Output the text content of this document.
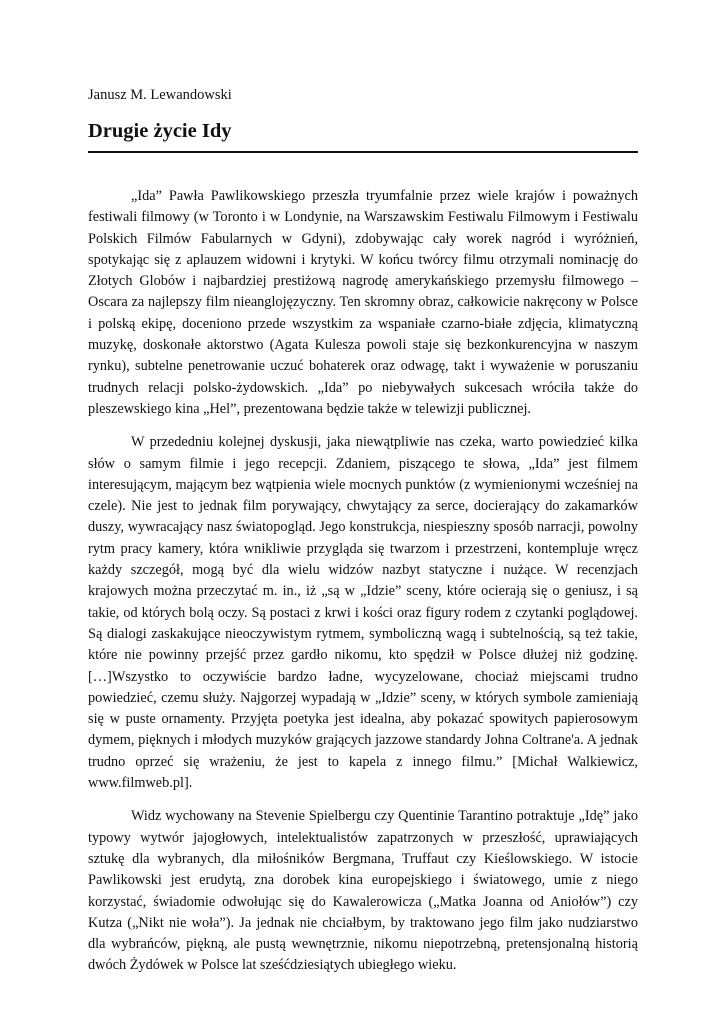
Janusz M. Lewandowski

Drugie życie Idy

„Ida” Pawła Pawlikowskiego przeszła tryumfalnie przez wiele krajów i poważnych festiwali filmowy (w Toronto i w Londynie, na Warszawskim Festiwalu Filmowym i Festiwalu Polskich Filmów Fabularnych w Gdyni), zdobywając cały worek nagród i wyróżnień, spotykając się z aplauzem widowni i krytyki. W końcu twórcy filmu otrzymali nominację do Złotych Globów i najbardziej prestiżową nagrodę amerykańskiego przemysłu filmowego – Oscara za najlepszy film nieanglojęzyczny. Ten skromny obraz, całkowicie nakręcony w Polsce i polską ekipę, doceniono przede wszystkim za wspaniałe czarno-białe zdjęcia, klimatyczną muzykę, doskonałe aktorstwo (Agata Kulesza powoli staje się bezkonkurencyjna w naszym rynku), subtelne penetrowanie uczuć bohaterek oraz odwagę, takt i wyważenie w poruszaniu trudnych relacji polsko-żydowskich. „Ida” po niebywałych sukcesach wróciła także do pleszewskiego kina „Hel”, prezentowana będzie także w telewizji publicznej.

W przededniu kolejnej dyskusji, jaka niewątpliwie nas czeka, warto powiedzieć kilka słów o samym filmie i jego recepcji. Zdaniem, piszącego te słowa, „Ida” jest filmem interesującym, mającym bez wątpienia wiele mocnych punktów (z wymienionymi wcześniej na czele). Nie jest to jednak film porywający, chwytający za serce, docierający do zakamarków duszy, wywracający nasz światopogląd. Jego konstrukcja, niespieszny sposób narracji, powolny rytm pracy kamery, która wnikliwie przygląda się twarzom i przestrzeni, kontempluje wręcz każdy szczegół, mogą być dla wielu widzów nazbyt statyczne i nużące. W recenzjach krajowych można przeczytać m. in., iż „są w „Idzie” sceny, które ocierają się o geniusz, i są takie, od których bolą oczy. Są postaci z krwi i kości oraz figury rodem z czytanki poglądowej. Są dialogi zaskakujące nieoczywistym rytmem, symboliczną wagą i subtelnością, są też takie, które nie powinny przejść przez gardło nikomu, kto spędził w Polsce dłużej niż godzinę. […]Wszystko to oczywiście bardzo ładne, wycyzelowane, chociaż miejscami trudno powiedzieć, czemu służy. Najgorzej wypadają w „Idzie” sceny, w których symbole zamieniają się w puste ornamenty. Przyjęta poetyka jest idealna, aby pokazać spowitych papierosowym dymem, pięknych i młodych muzyków grających jazzowe standardy Johna Coltrane'a. A jednak trudno oprzeć się wrażeniu, że jest to kapela z innego filmu.” [Michał Walkiewicz, www.filmweb.pl].

Widz wychowany na Stevenie Spielbergu czy Quentinie Tarantino potraktuje „Idę” jako typowy wytwór jajogłowych, intelektualistów zapatrzonych w przeszłość, uprawiających sztukę dla wybranych, dla miłośników Bergmana, Truffaut czy Kieślowskiego. W istocie Pawlikowski jest erudytą, zna dorobek kina europejskiego i światowego, umie z niego korzystać, świadomie odwołując się do Kawalerowicza („Matka Joanna od Aniołów”) czy Kutza („Nikt nie woła”). Ja jednak nie chciałbym, by traktowano jego film jako nudziarstwo dla wybrańców, piękną, ale pustą wewnętrznie, nikomu niepotrzebną, pretensjonalną historią dwóch Żydówek w Polsce lat sześćdziesiątych ubiegłego wieku.
